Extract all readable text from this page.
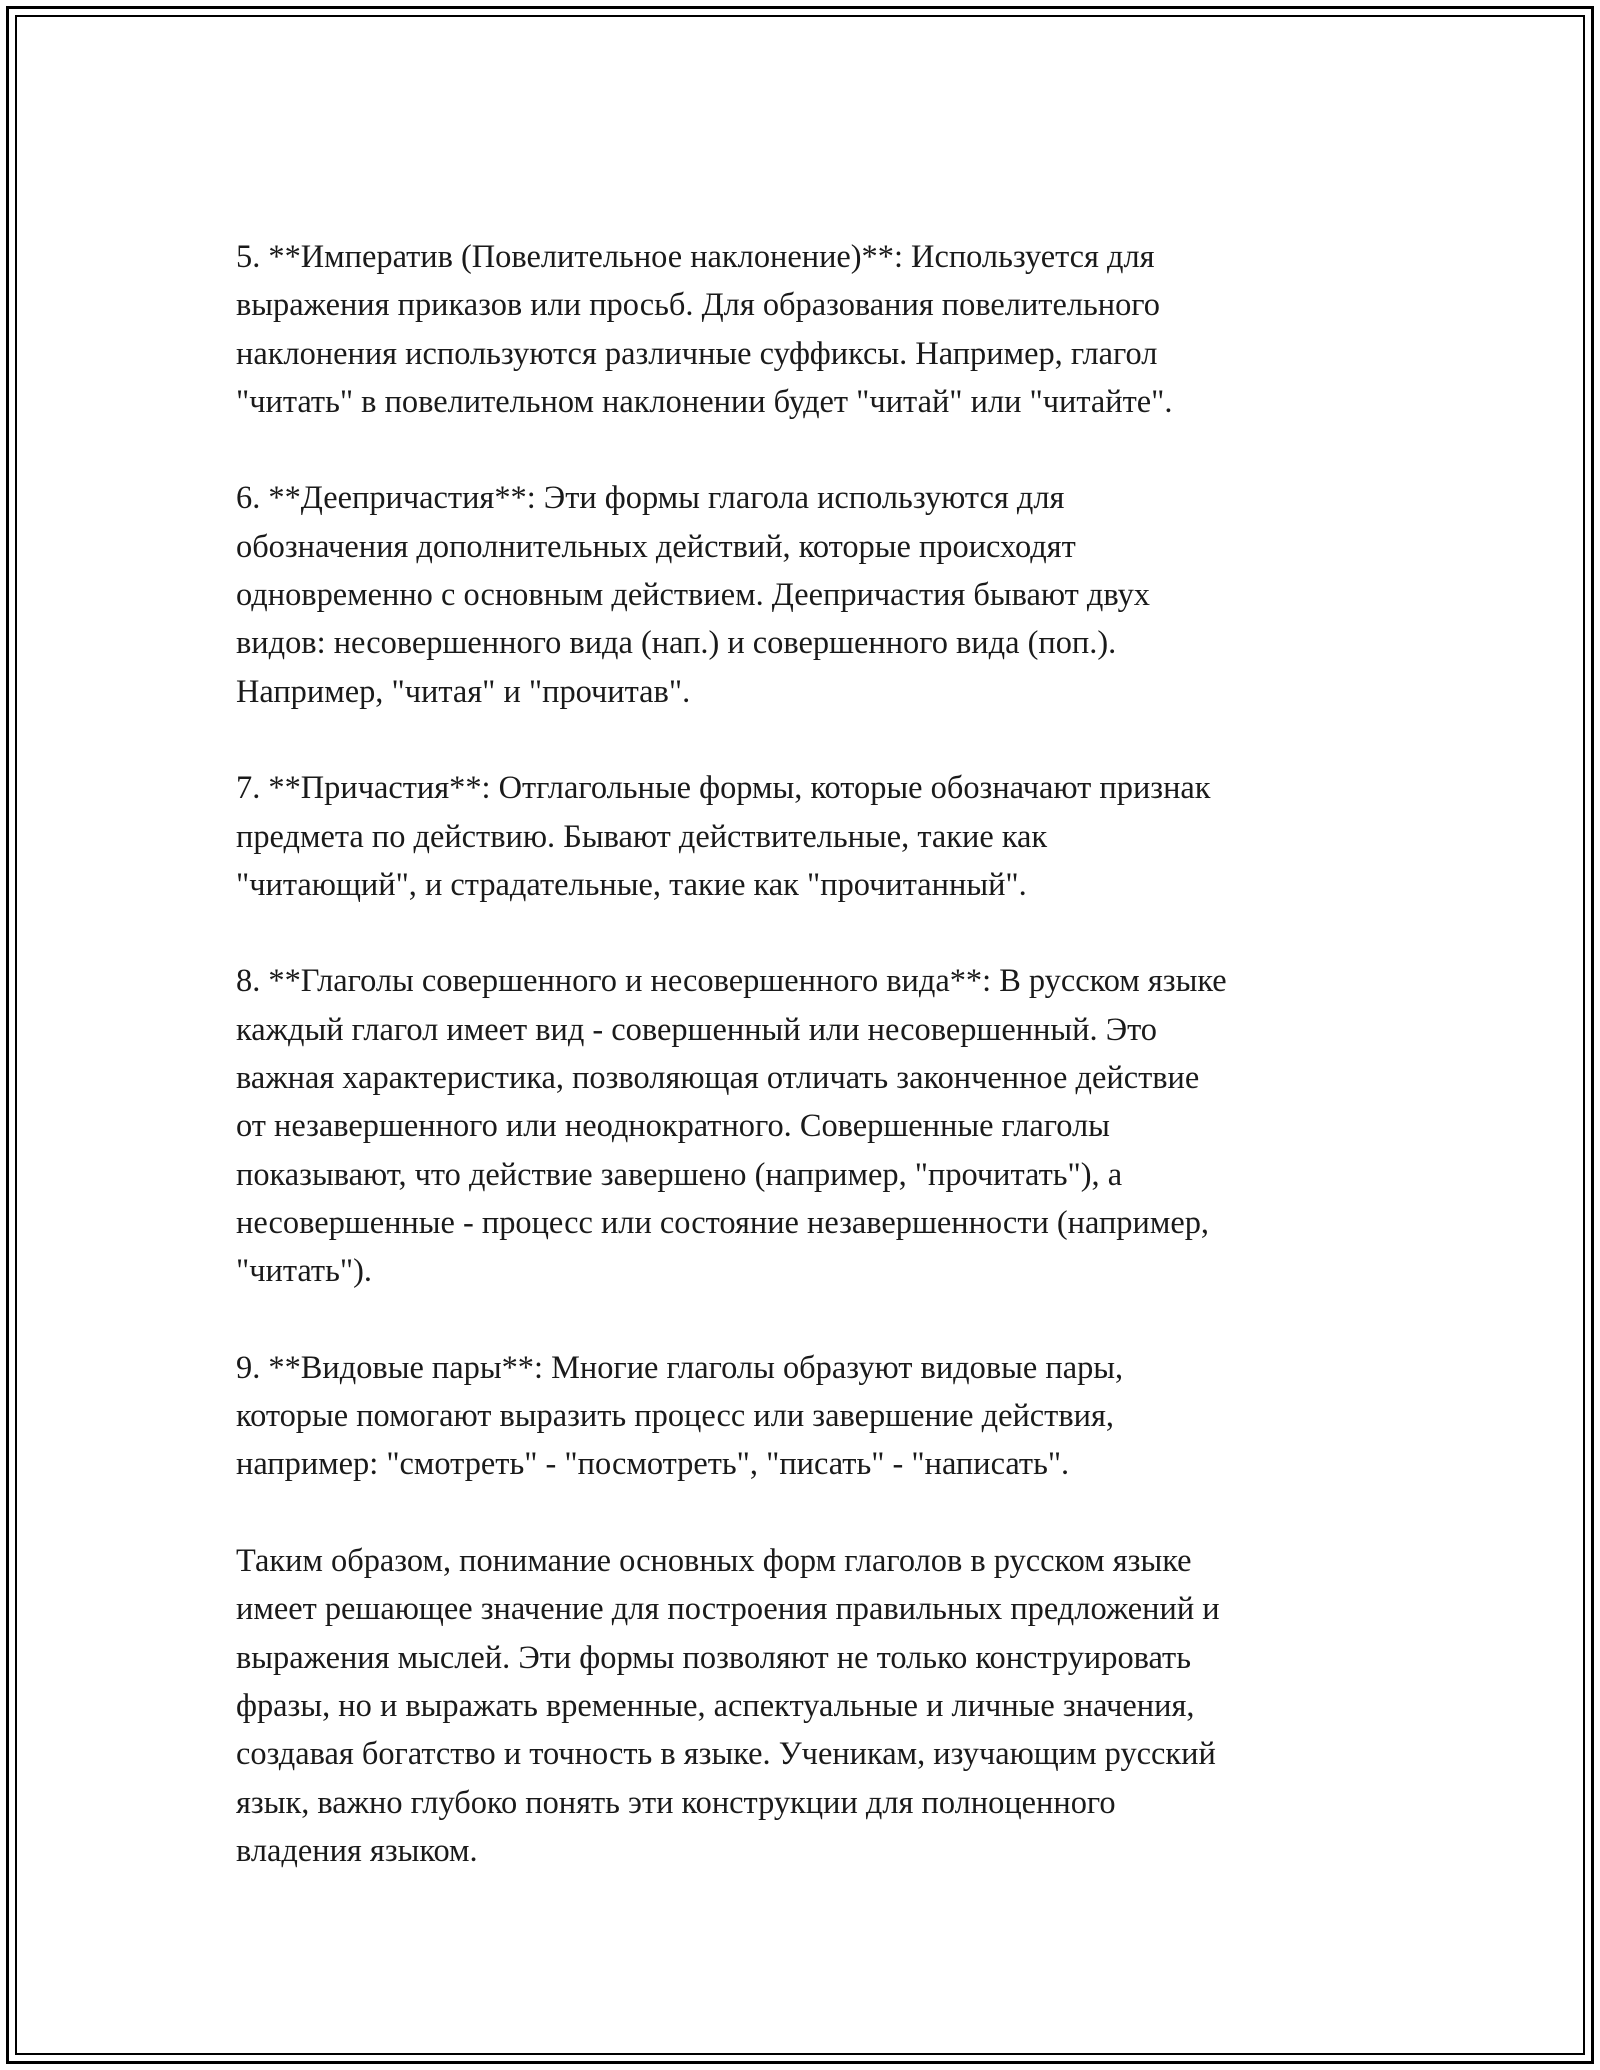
5. **Императив (Повелительное наклонение)**: Используется для
выражения приказов или просьб. Для образования повелительного
наклонения используются различные суффиксы. Например, глагол
"читать" в повелительном наклонении будет "читай" или "читайте".

6. **Деепричастия**: Эти формы глагола используются для
обозначения дополнительных действий, которые происходят
одновременно с основным действием. Деепричастия бывают двух
видов: несовершенного вида (нап.) и совершенного вида (поп.).
Например, "читая" и "прочитав".

7. **Причастия**: Отглагольные формы, которые обозначают признак
предмета по действию. Бывают действительные, такие как
"читающий", и страдательные, такие как "прочитанный".

8. **Глаголы совершенного и несовершенного вида**: В русском языке
каждый глагол имеет вид - совершенный или несовершенный. Это
важная характеристика, позволяющая отличать законченное действие
от незавершенного или неоднократного. Совершенные глаголы
показывают, что действие завершено (например, "прочитать"), а
несовершенные - процесс или состояние незавершенности (например,
"читать").

9. **Видовые пары**: Многие глаголы образуют видовые пары,
которые помогают выразить процесс или завершение действия,
например: "смотреть" - "посмотреть", "писать" - "написать".

Таким образом, понимание основных форм глаголов в русском языке
имеет решающее значение для построения правильных предложений и
выражения мыслей. Эти формы позволяют не только конструировать
фразы, но и выражать временные, аспектуальные и личные значения,
создавая богатство и точность в языке. Ученикам, изучающим русский
язык, важно глубоко понять эти конструкции для полноценного
владения языком.
